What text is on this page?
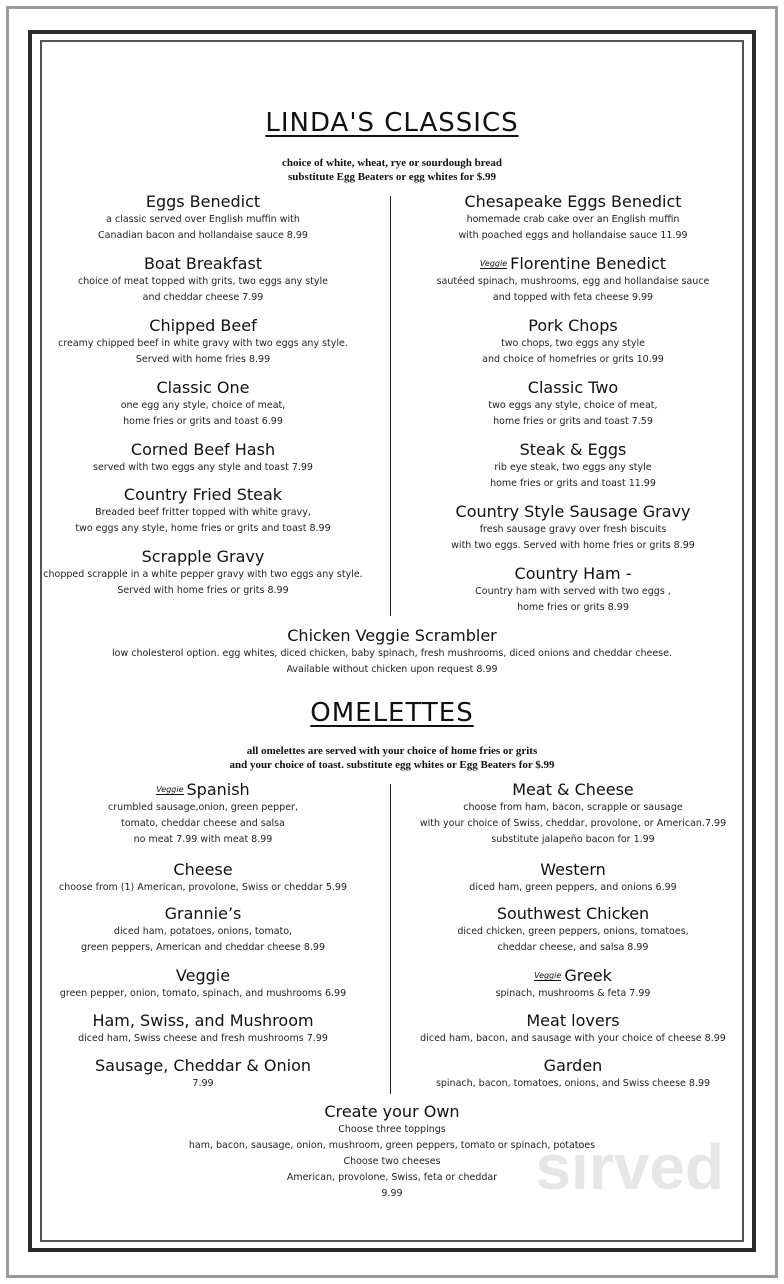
sirved
LINDA'S CLASSICS
choice of white, wheat, rye or sourdough bread
substitute Egg Beaters or egg whites for $.99
Eggs Benedict
a classic served over English muffin with
Canadian bacon and hollandaise sauce 8.99
Boat Breakfast
choice of meat topped with grits, two eggs any style
and cheddar cheese 7.99
Chipped Beef
creamy chipped beef in white gravy with two eggs any style.
Served with home fries 8.99
Classic One
one egg any style, choice of meat,
home fries or grits and toast 6.99
Corned Beef Hash
served with two eggs any style and toast 7.99
Country Fried Steak
Breaded beef fritter topped with white gravy,
two eggs any style, home fries or grits and toast 8.99
Scrapple Gravy
chopped scrapple in a white pepper gravy with two eggs any style.
Served with home fries or grits 8.99
Chesapeake Eggs Benedict
homemade crab cake over an English muffin
with poached eggs and hollandaise sauce 11.99
$^{Veggie}$ Florentine Benedict
sautéed spinach, mushrooms, egg and hollandaise sauce
and topped with feta cheese 9.99
Pork Chops
two chops, two eggs any style
and choice of homefries or grits 10.99
Classic Two
two eggs any style, choice of meat,
home fries or grits and toast 7.59
Steak & Eggs
rib eye steak, two eggs any style
home fries or grits and toast 11.99
Country Style Sausage Gravy
fresh sausage gravy over fresh biscuits
with two eggs. Served with home fries or grits 8.99
Country Ham -
Country ham with served with two eggs ,
home fries or grits 8.99
Chicken Veggie Scrambler
low cholesterol option. egg whites, diced chicken, baby spinach, fresh mushrooms, diced onions and cheddar cheese.
Available without chicken upon request 8.99
OMELETTES
all omelettes are served with your choice of home fries or grits
and your choice of toast. substitute egg whites or Egg Beaters for $.99
$^{Veggie}$ Spanish
crumbled sausage,onion, green pepper,
tomato, cheddar cheese and salsa
no meat 7.99 with meat 8.99
Cheese
choose from (1) American, provolone, Swiss or cheddar 5.99
Grannie’s
diced ham, potatoes, onions, tomato,
green peppers, American and cheddar cheese 8.99
Veggie
green pepper, onion, tomato, spinach, and mushrooms 6.99
Ham, Swiss, and Mushroom
diced ham, Swiss cheese and fresh mushrooms 7.99
Sausage, Cheddar & Onion
7.99
Meat & Cheese
choose from ham, bacon, scrapple or sausage
with your choice of Swiss, cheddar, provolone, or American.7.99
substitute jalapeño bacon for 1.99
Western
diced ham, green peppers, and onions 6.99
Southwest Chicken
diced chicken, green peppers, onions, tomatoes,
cheddar cheese, and salsa 8.99
$^{Veggie}$ Greek
spinach, mushrooms & feta 7.99
Meat lovers
diced ham, bacon, and sausage with your choice of cheese 8.99
Garden
spinach, bacon, tomatoes, onions, and Swiss cheese 8.99
Create your Own
Choose three toppings
ham, bacon, sausage, onion, mushroom, green peppers, tomato or spinach, potatoes
Choose two cheeses
American, provolone, Swiss, feta or cheddar
9.99
